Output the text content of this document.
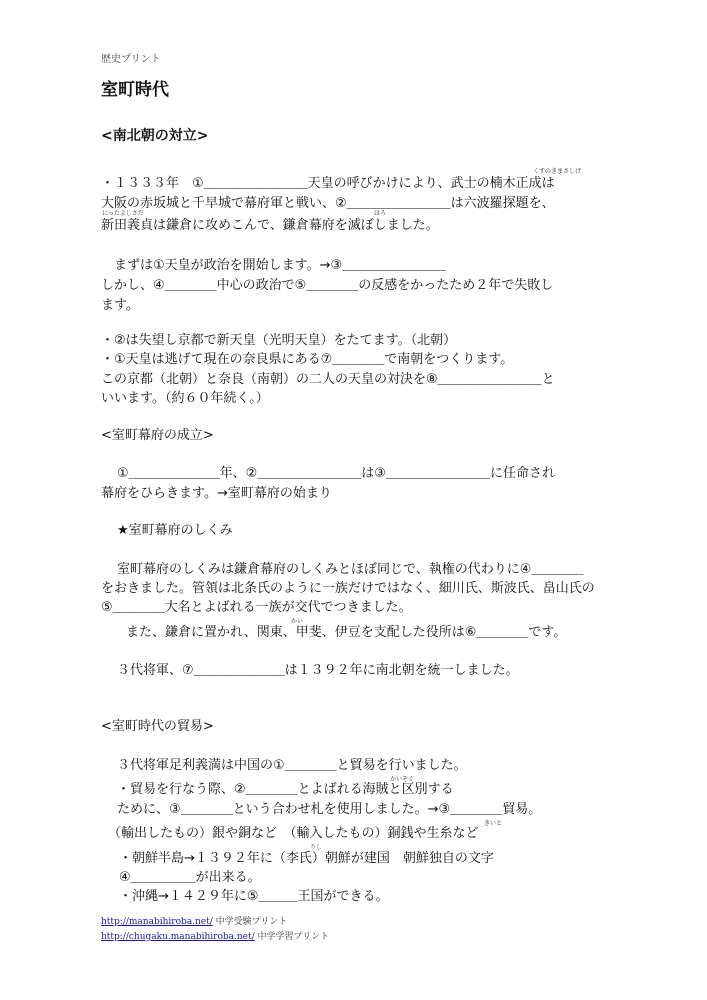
歴史プリント
室町時代
<南北朝の対立>
くすのきまさしげ
・１３３３年　①＿＿＿＿＿＿＿＿天皇の呼びかけにより、武士の楠木正成は
大阪の赤坂城と千早城で幕府軍と戦い、②＿＿＿＿＿＿＿＿は六波羅探題を、
にったよしさだ	ほろ
新田義貞は鎌倉に攻めこんで、鎌倉幕府を滅ぼしました。
　まずは①天皇が政治を開始します。→③＿＿＿＿＿＿＿＿
しかし、④＿＿＿＿中心の政治で⑤＿＿＿＿の反感をかったため２年で失敗し
ます。
・②は失望し京都で新天皇（光明天皇）をたてます。（北朝）
・①天皇は逃げて現在の奈良県にある⑦＿＿＿＿で南朝をつくります。
この京都（北朝）と奈良（南朝）の二人の天皇の対決を⑧＿＿＿＿＿＿＿＿と
いいます。（約６０年続く。）
<室町幕府の成立>
①＿＿＿＿＿＿＿年、②＿＿＿＿＿＿＿＿は③＿＿＿＿＿＿＿＿に任命され
幕府をひらきます。→室町幕府の始まり
★室町幕府のしくみ
室町幕府のしくみは鎌倉幕府のしくみとほぼ同じで、執権の代わりに④＿＿＿＿
をおきました。管領は北条氏のように一族だけではなく、細川氏、斯波氏、畠山氏の
⑤＿＿＿＿大名とよばれる一族が交代でつきました。
かい
また、鎌倉に置かれ、関東、甲斐、伊豆を支配した役所は⑥＿＿＿＿です。
３代将軍、⑦＿＿＿＿＿＿＿は１３９２年に南北朝を統一しました。
<室町時代の貿易>
３代将軍足利義満は中国の①＿＿＿＿と貿易を行いました。
かいぞく
・貿易を行なう際、②＿＿＿＿とよばれる海賊と区別する
ために、③＿＿＿＿という合わせ札を使用しました。→③＿＿＿＿貿易。
きいと
（輸出したもの）銀や銅など　（輸入したもの）銅銭や生糸など
りし
・朝鮮半島→１３９２年に（李氏）朝鮮が建国　朝鮮独自の文字
④＿＿＿＿＿が出来る。
・沖縄→１４２９年に⑤＿＿＿王国ができる。
http://manabihiroba.net/ 中学受験プリント
http://chugaku.manabihiroba.net/ 中学学習プリント
